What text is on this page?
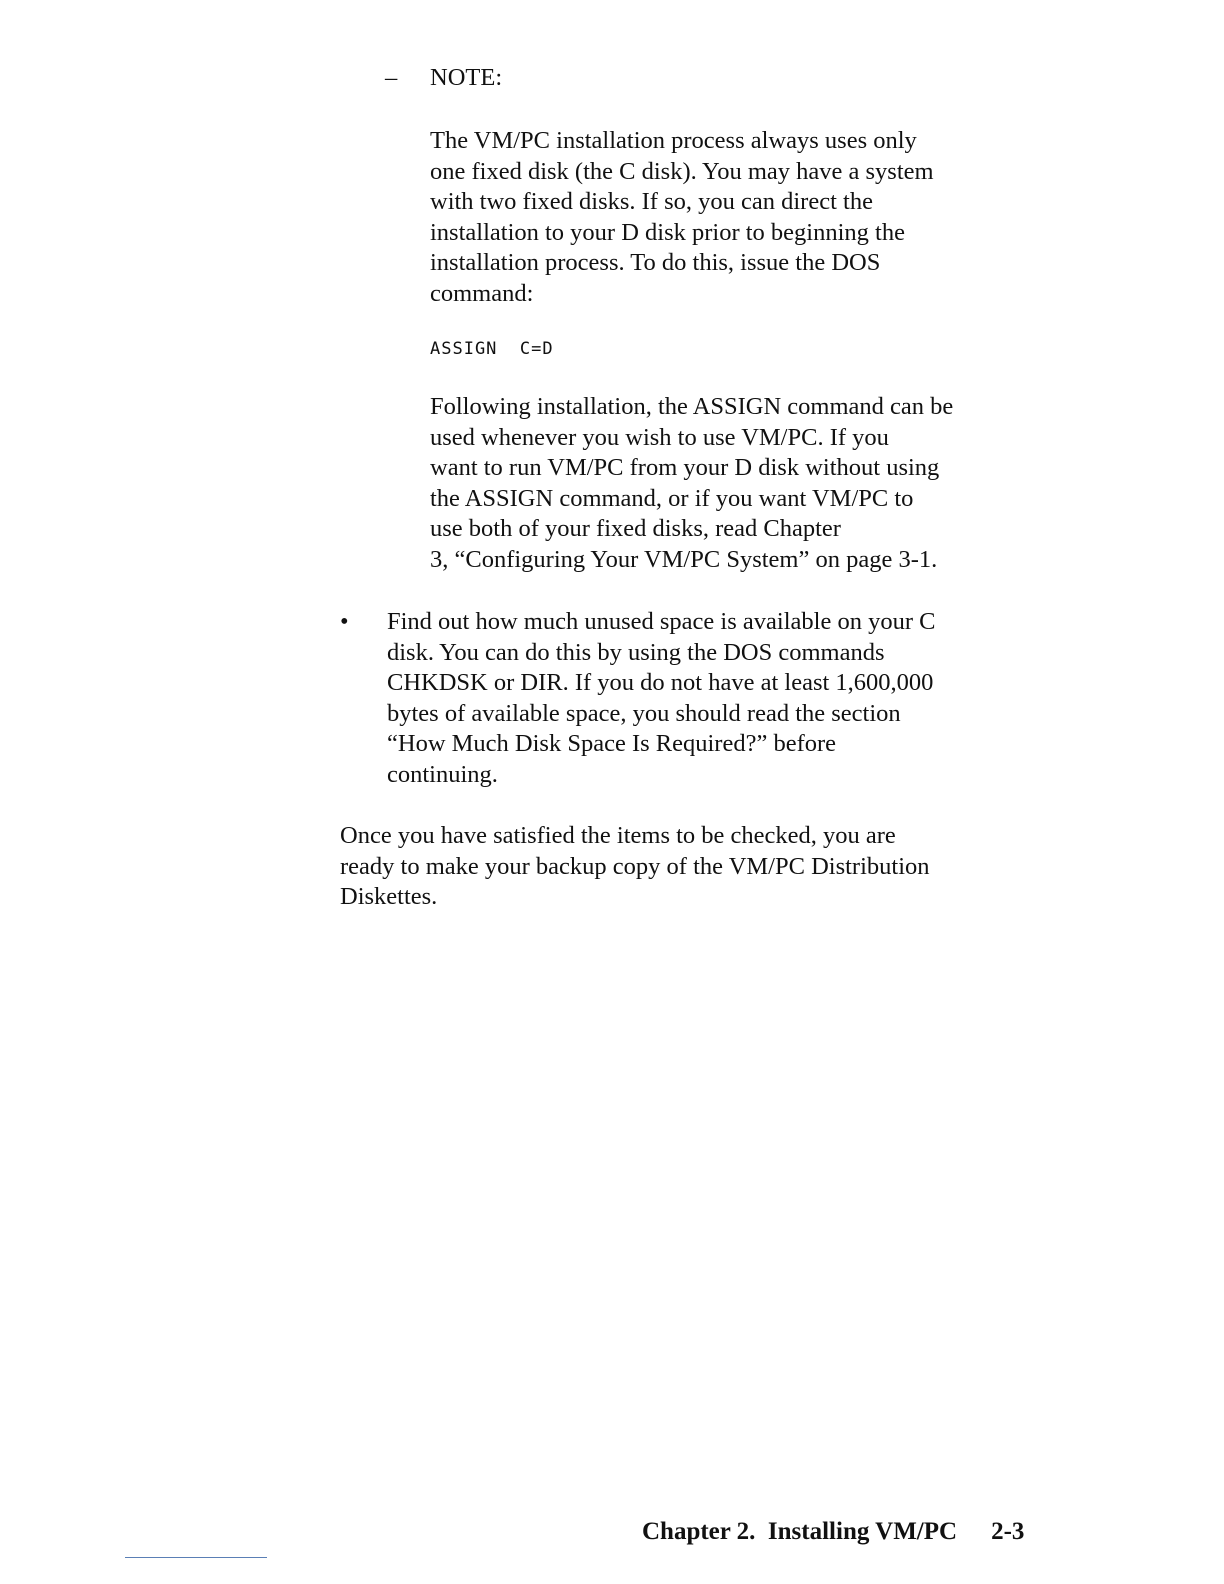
– NOTE:

The VM/PC installation process always uses only
one fixed disk (the C disk). You may have a system
with two fixed disks. If so, you can direct the
installation to your D disk prior to beginning the
installation process. To do this, issue the DOS
command:

ASSIGN  C=D

Following installation, the ASSIGN command can be
used whenever you wish to use VM/PC. If you
want to run VM/PC from your D disk without using
the ASSIGN command, or if you want VM/PC to
use both of your fixed disks, read Chapter
3, “Configuring Your VM/PC System” on page 3-1.

• Find out how much unused space is available on your C
disk. You can do this by using the DOS commands
CHKDSK or DIR. If you do not have at least 1,600,000
bytes of available space, you should read the section
“How Much Disk Space Is Required?” before
continuing.

Once you have satisfied the items to be checked, you are
ready to make your backup copy of the VM/PC Distribution
Diskettes.

Chapter 2.  Installing VM/PC 2-3
